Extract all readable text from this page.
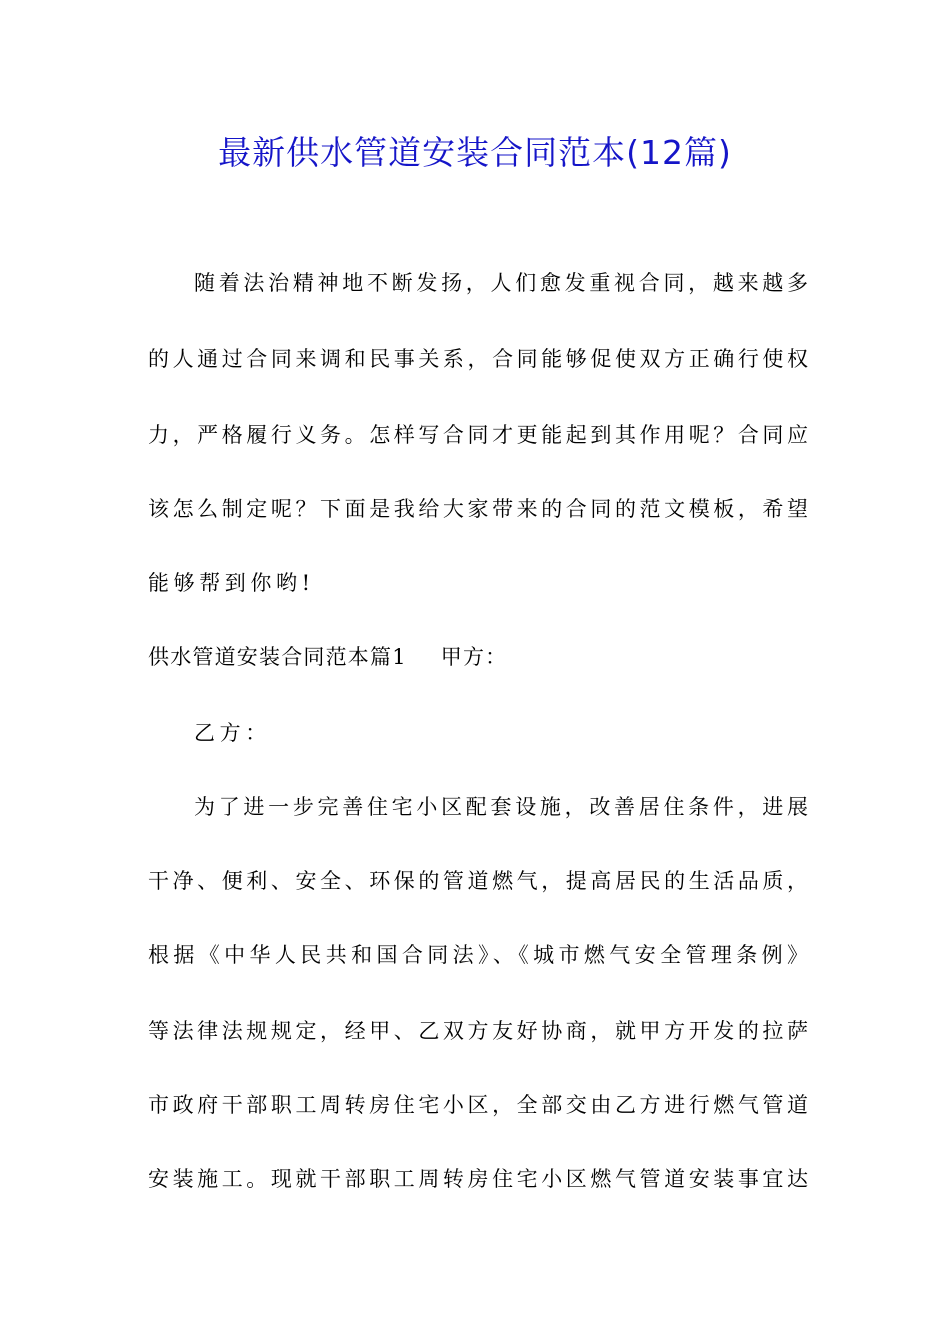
最新供水管道安装合同范本(12篇)
随着法治精神地不断发扬，人们愈发重视合同，越来越多
的人通过合同来调和民事关系，合同能够促使双方正确行使权
力，严格履行义务。怎样写合同才更能起到其作用呢？合同应
该怎么制定呢？下面是我给大家带来的合同的范文模板，希望
能够帮到你哟!
供水管道安装合同范本篇1 甲方：
乙方：
为了进一步完善住宅小区配套设施，改善居住条件，进展
干净、便利、安全、环保的管道燃气，提高居民的生活品质，
根据《中华人民共和国合同法》、《城市燃气安全管理条例》
等法律法规规定，经甲、乙双方友好协商，就甲方开发的拉萨
市政府干部职工周转房住宅小区，全部交由乙方进行燃气管道
安装施工。现就干部职工周转房住宅小区燃气管道安装事宜达
